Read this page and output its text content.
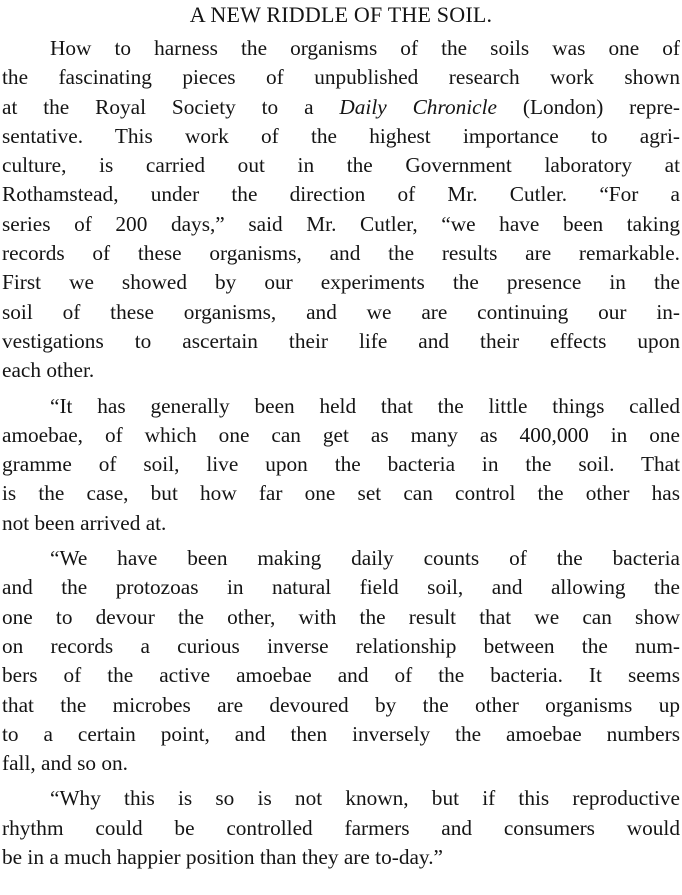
A NEW RIDDLE OF THE SOIL.
How to harness the organisms of the soils was one of
the fascinating pieces of unpublished research work shown
at the Royal Society to a Daily Chronicle (London) repre-
sentative. This work of the highest importance to agri-
culture, is carried out in the Government laboratory at
Rothamstead, under the direction of Mr. Cutler. “For a
series of 200 days,” said Mr. Cutler, “we have been taking
records of these organisms, and the results are remarkable.
First we showed by our experiments the presence in the
soil of these organisms, and we are continuing our in-
vestigations to ascertain their life and their effects upon
each other.
“It has generally been held that the little things called
amoebae, of which one can get as many as 400,000 in one
gramme of soil, live upon the bacteria in the soil. That
is the case, but how far one set can control the other has
not been arrived at.
“We have been making daily counts of the bacteria
and the protozoas in natural field soil, and allowing the
one to devour the other, with the result that we can show
on records a curious inverse relationship between the num-
bers of the active amoebae and of the bacteria. It seems
that the microbes are devoured by the other organisms up
to a certain point, and then inversely the amoebae numbers
fall, and so on.
“Why this is so is not known, but if this reproductive
rhythm could be controlled farmers and consumers would
be in a much happier position than they are to-day.”
